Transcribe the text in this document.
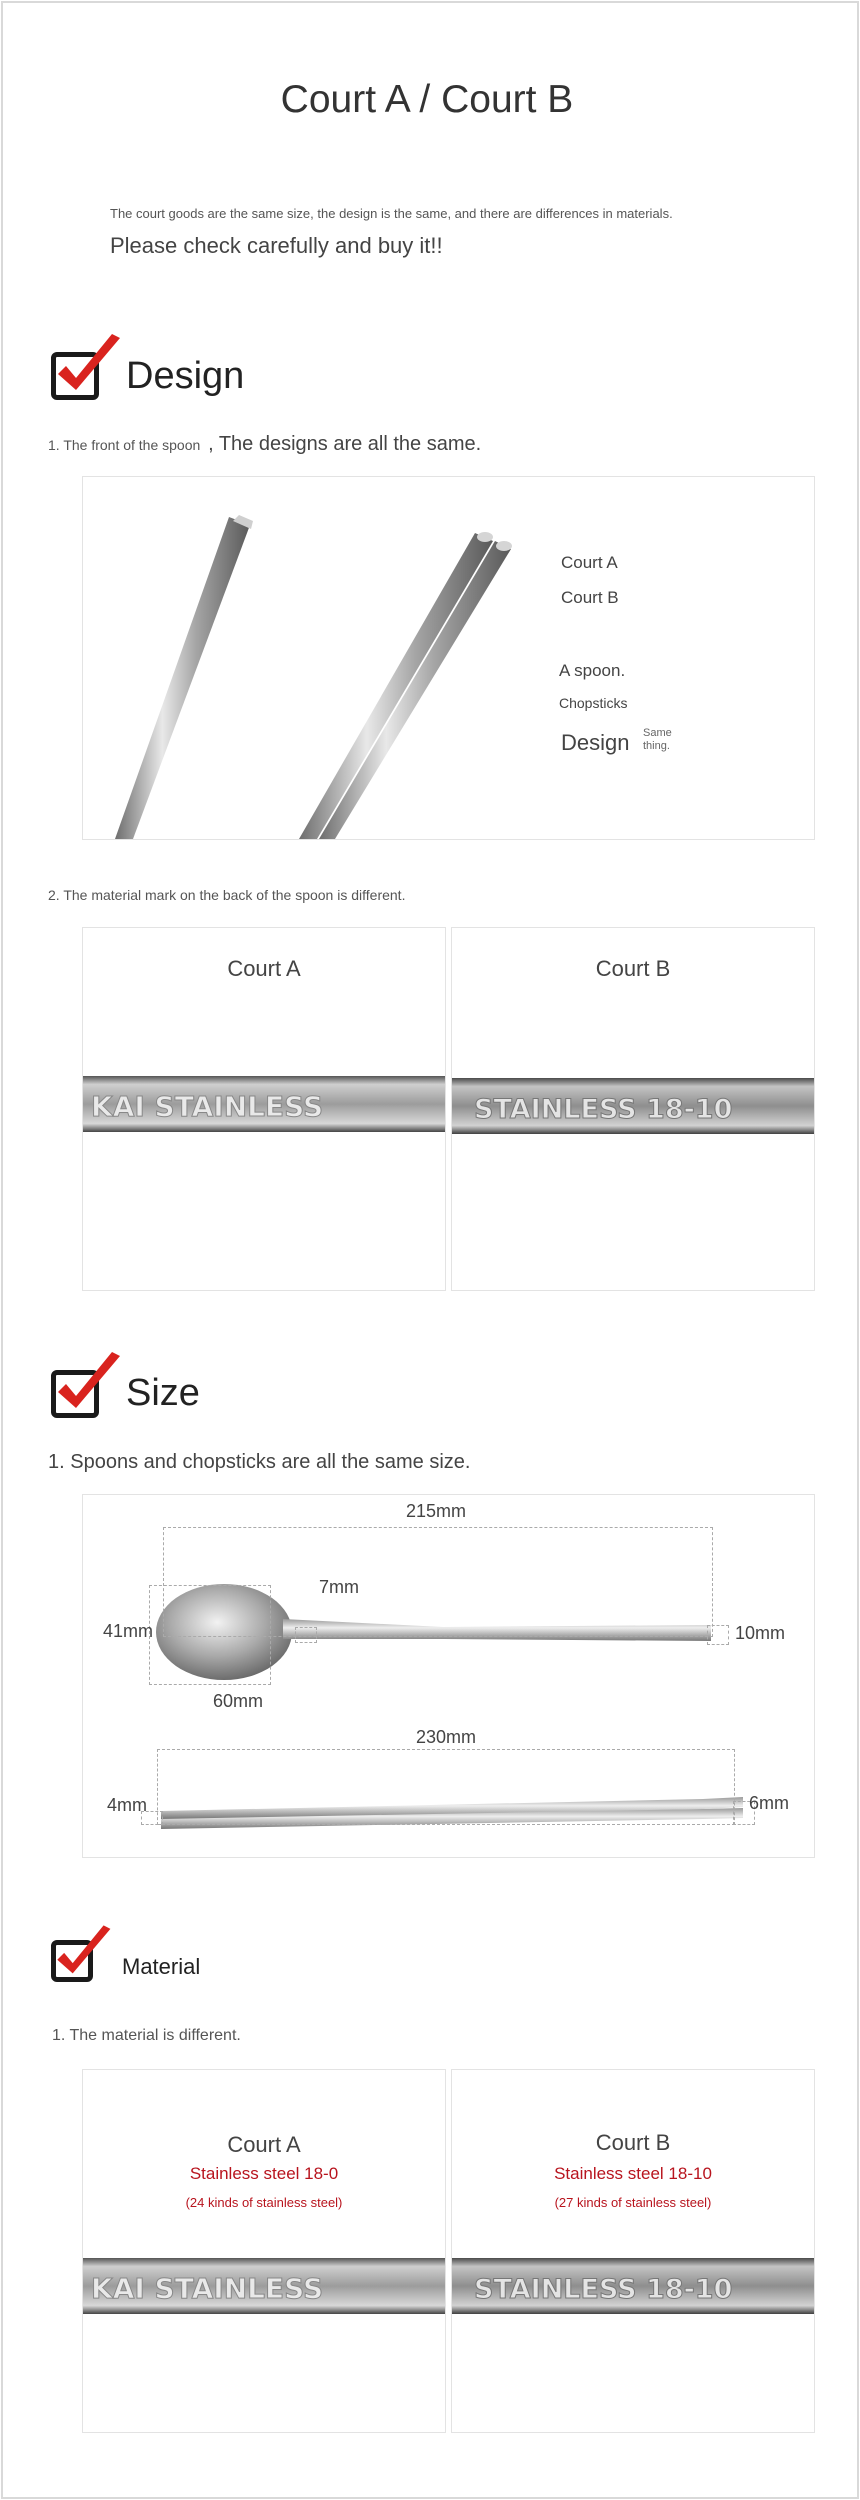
Court A / Court B
The court goods are the same size, the design is the same, and there are differences in materials.
Please check carefully and buy it!!
Design
1. The front of the spoon , The designs are all the same.
Court A
Court B
A spoon.
Chopsticks
Design Same thing.
2. The material mark on the back of the spoon is different.
Court A
KAI STAINLESS
Court B
STAINLESS 18-10
Size
1. Spoons and chopsticks are all the same size.
215mm
7mm
41mm	10mm
60mm
230mm
4mm	6mm
Material
1. The material is different.
Court A
Stainless steel 18-0
(24 kinds of stainless steel)
KAI STAINLESS
Court B
Stainless steel 18-10
(27 kinds of stainless steel)
STAINLESS 18-10
